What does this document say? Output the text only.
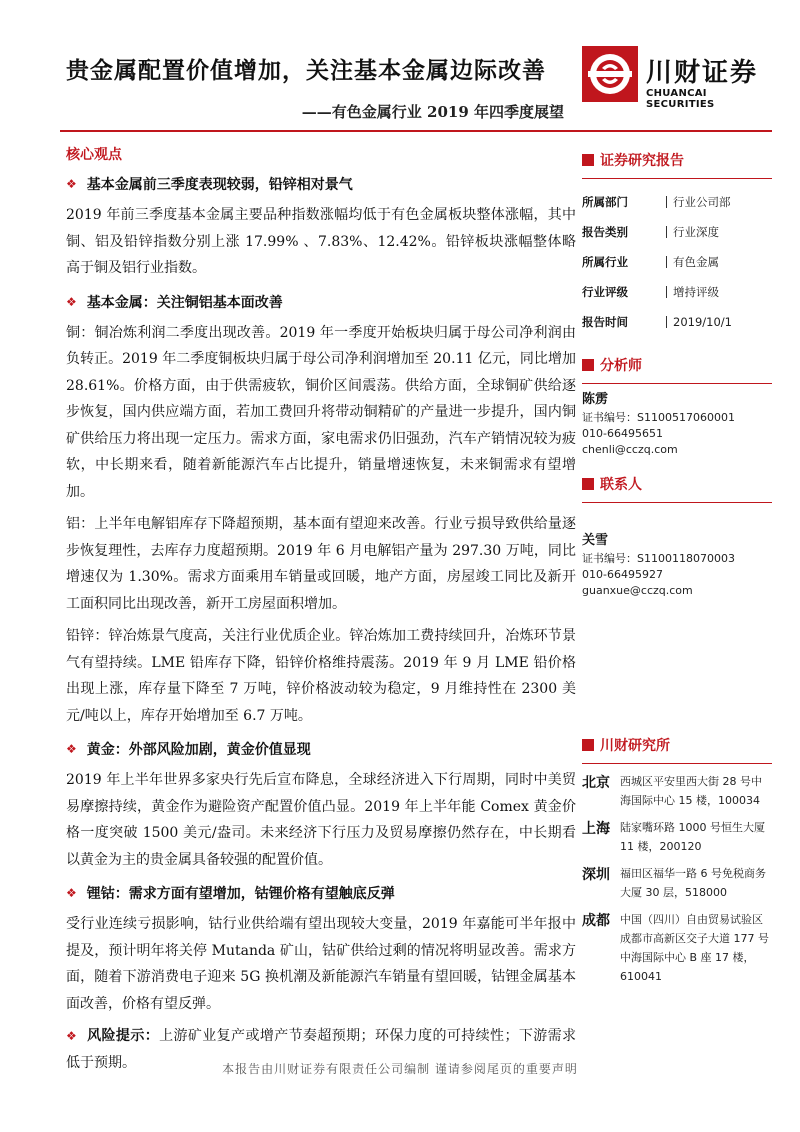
贵金属配置价值增加，关注基本金属边际改善
——有色金属行业 2019 年四季度展望
川财证券
CHUANCAI SECURITIES
核心观点
❖ 基本金属前三季度表现较弱，铅锌相对景气

2019 年前三季度基本金属主要品种指数涨幅均低于有色金属板块整体涨幅，其中铜、铝及铅锌指数分别上涨 17.99% 、7.83%、12.42%。铅锌板块涨幅整体略高于铜及铝行业指数。

❖ 基本金属：关注铜铝基本面改善

铜：铜冶炼利润二季度出现改善。2019 年一季度开始板块归属于母公司净利润由负转正。2019 年二季度铜板块归属于母公司净利润增加至 20.11 亿元，同比增加 28.61%。价格方面，由于供需疲软，铜价区间震荡。供给方面，全球铜矿供给逐步恢复，国内供应端方面，若加工费回升将带动铜精矿的产量进一步提升，国内铜矿供给压力将出现一定压力。需求方面，家电需求仍旧强劲，汽车产销情况较为疲软，中长期来看，随着新能源汽车占比提升，销量增速恢复，未来铜需求有望增加。

铝：上半年电解铝库存下降超预期，基本面有望迎来改善。行业亏损导致供给量逐步恢复理性，去库存力度超预期。2019 年 6 月电解铝产量为 297.30 万吨，同比增速仅为 1.30%。需求方面乘用车销量或回暖，地产方面，房屋竣工同比及新开工面积同比出现改善，新开工房屋面积增加。

铅锌：锌冶炼景气度高，关注行业优质企业。锌冶炼加工费持续回升，冶炼环节景气有望持续。LME 铅库存下降，铅锌价格维持震荡。2019 年 9 月 LME 铅价格出现上涨，库存量下降至 7 万吨，锌价格波动较为稳定，9 月维持性在 2300 美元/吨以上，库存开始增加至 6.7 万吨。

❖ 黄金：外部风险加剧，黄金价值显现

2019 年上半年世界多家央行先后宣布降息，全球经济进入下行周期，同时中美贸易摩擦持续，黄金作为避险资产配置价值凸显。2019 年上半年能 Comex 黄金价格一度突破 1500 美元/盎司。未来经济下行压力及贸易摩擦仍然存在，中长期看以黄金为主的贵金属具备较强的配置价值。

❖ 锂钴：需求方面有望增加，钴锂价格有望触底反弹

受行业连续亏损影响，钴行业供给端有望出现较大变量，2019 年嘉能可半年报中提及，预计明年将关停 Mutanda 矿山，钴矿供给过剩的情况将明显改善。需求方面，随着下游消费电子迎来 5G 换机潮及新能源汽车销量有望回暖，钴锂金属基本面改善，价格有望反弹。

❖ 风险提示：上游矿业复产或增产节奏超预期；环保力度的可持续性；下游需求低于预期。

证券研究报告
所属部门	行业公司部
报告类别	行业深度
所属行业	有色金属
行业评级	增持评级
报告时间	2019/10/1
分析师
陈雳
证书编号：S1100517060001
010-66495651
chenli@cczq.com
联系人
关雪
证书编号：S1100118070003
010-66495927
guanxue@cczq.com
川财研究所
北京 西城区平安里西大街 28 号中海国际中心 15 楼，100034
上海 陆家嘴环路 1000 号恒生大厦 11 楼，200120
深圳 福田区福华一路 6 号免税商务大厦 30 层，518000
成都 中国（四川）自由贸易试验区成都市高新区交子大道 177 号中海国际中心 B 座 17 楼，610041
本报告由川财证券有限责任公司编制 谨请参阅尾页的重要声明
